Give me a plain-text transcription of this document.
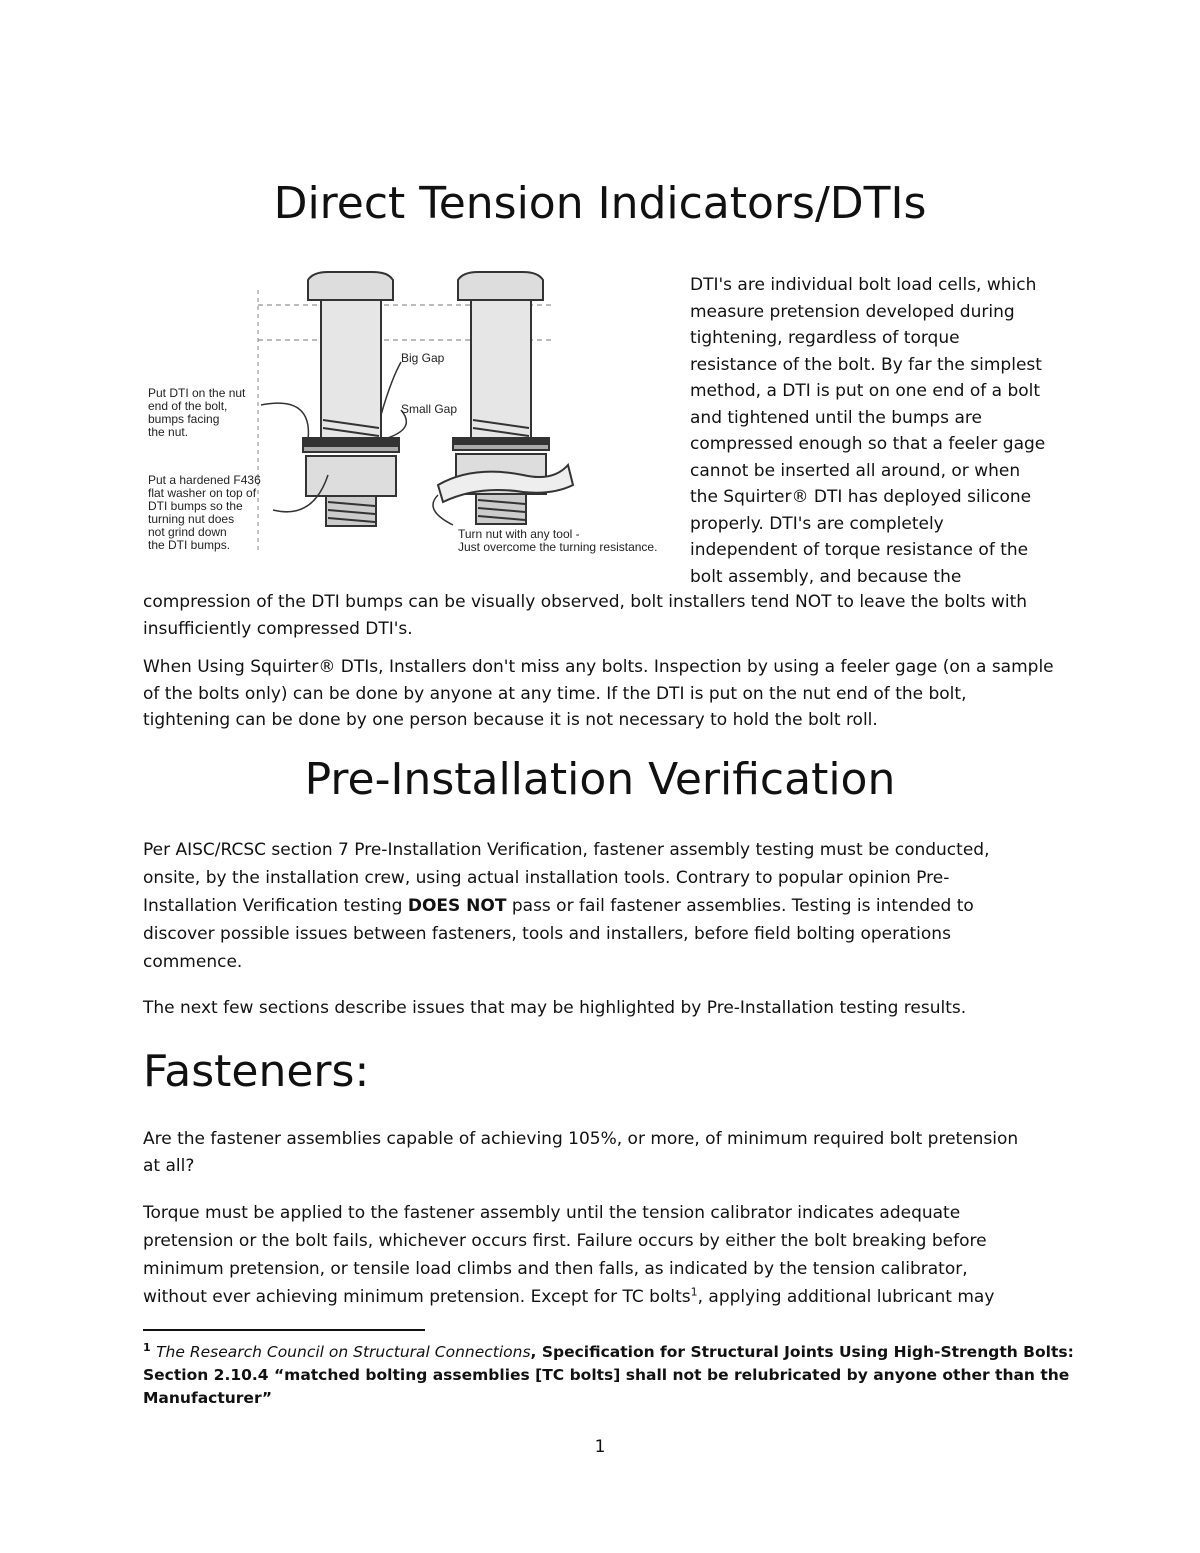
Direct Tension Indicators/DTIs
Put DTI on the nut
end of the bolt,
bumps facing
the nut.
Put a hardened F436
flat washer on top of
DTI bumps so the
turning nut does
not grind down
the DTI bumps.
Big Gap
Small Gap
Turn nut with any tool -
Just overcome the turning resistance.
DTI's are individual bolt load cells, which
measure pretension developed during
tightening, regardless of torque
resistance of the bolt. By far the simplest
method, a DTI is put on one end of a bolt
and tightened until the bumps are
compressed enough so that a feeler gage
cannot be inserted all around, or when
the Squirter® DTI has deployed silicone
properly. DTI's are completely
independent of torque resistance of the
bolt assembly, and because the
compression of the DTI bumps can be visually observed, bolt installers tend NOT to leave the bolts with
insufficiently compressed DTI's.
When Using Squirter® DTIs, Installers don't miss any bolts. Inspection by using a feeler gage (on a sample
of the bolts only) can be done by anyone at any time. If the DTI is put on the nut end of the bolt,
tightening can be done by one person because it is not necessary to hold the bolt roll.
Pre-Installation Verification
Per AISC/RCSC section 7 Pre-Installation Verification, fastener assembly testing must be conducted,
onsite, by the installation crew, using actual installation tools. Contrary to popular opinion Pre-
Installation Verification testing DOES NOT pass or fail fastener assemblies. Testing is intended to
discover possible issues between fasteners, tools and installers, before field bolting operations
commence.
The next few sections describe issues that may be highlighted by Pre-Installation testing results.
Fasteners:
Are the fastener assemblies capable of achieving 105%, or more, of minimum required bolt pretension
at all?
Torque must be applied to the fastener assembly until the tension calibrator indicates adequate
pretension or the bolt fails, whichever occurs first. Failure occurs by either the bolt breaking before
minimum pretension, or tensile load climbs and then falls, as indicated by the tension calibrator,
without ever achieving minimum pretension. Except for TC bolts$^1$, applying additional lubricant may
$^1$ The Research Council on Structural Connections, Specification for Structural Joints Using High-Strength Bolts:
Section 2.10.4 “matched bolting assemblies [TC bolts] shall not be relubricated by anyone other than the
Manufacturer”
1
